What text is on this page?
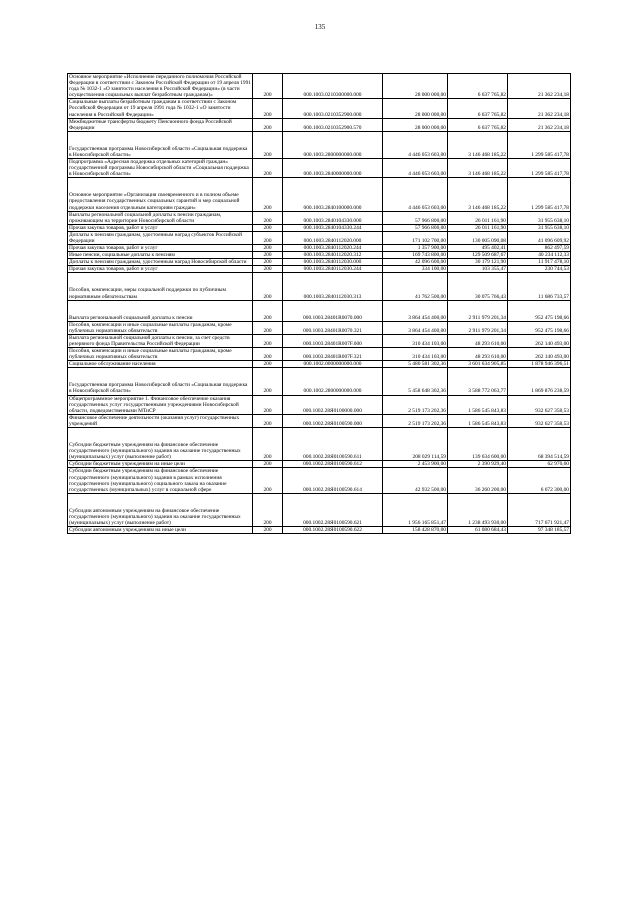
135
Основное мероприятие «Исполнение переданного полномочия Российской Федерации в соответствии с Законом Российской Федерации от 19 апреля 1991 года № 1032-1 «О занятости населения в Российской Федерации» (в части осуществления социальных выплат безработным гражданам)»	200	000.1003.0210300000.000	28 000 000,00	6 637 765,82	21 362 234,18
Социальные выплаты безработным гражданам в соответствии с Законом Российской Федерации от 19 апреля 1991 года № 1032-1 «О занятости населения в Российской Федерации»	200	000.1003.0210352900.000	28 000 000,00	6 637 765,82	21 362 234,18
Межбюджетные трансферты бюджету Пенсионного фонда Российской Федерации	200	000.1003.0210352900.570	28 000 000,00	6 637 765,82	21 362 234,18
Государственная программа Новосибирской области «Социальная поддержка в Новосибирской области»	200	000.1003.2800000000.000	4 446 053 603,00	3 146 468 185,22	1 299 585 417,78
Подпрограмма «Адресная поддержка отдельных категорий граждан» государственной программы Новосибирской области «Социальная поддержка в Новосибирской области»	200	000.1003.2840000000.000	4 446 053 603,00	3 146 468 185,22	1 299 585 417,78
Основное мероприятие «Организация своевременного и в полном объеме предоставления государственных социальных гарантий и мер социальной поддержки населения отдельным категориям граждан»	200	000.1003.2840100000.000	4 446 053 603,00	3 146 468 185,22	1 299 585 417,78
Выплаты региональной социальной доплаты к пенсии гражданам, проживающим на территории Новосибирской области	200	000.1003.2840104330.000	57 966 800,00	26 011 161,90	31 955 638,10
Прочая закупка товаров, работ и услуг	200	000.1003.2840104330.244	57 966 800,00	26 011 161,90	31 955 638,10
Доплаты к пенсиям гражданам, удостоенным наград субъектов Российской Федерации	200	000.1003.2840112020.000	171 102 700,00	130 005 090,08	41 096 609,92
Прочая закупка товаров, работ и услуг	200	000.1003.2840112020.244	1 357 900,00	495 402,41	862 497,59
Иные пенсии, социальные доплаты к пенсиям	200	000.1003.2840112020.312	169 743 800,00	129 509 687,67	40 234 112,33
Доплаты к пенсиям гражданам, удостоенным наград Новосибирской области	200	000.1003.2840112030.000	42 096 600,00	30 179 121,90	11 917 478,10
Прочая закупка товаров, работ и услуг	200	000.1003.2840112030.244	334 100,00	103 355,47	230 744,53
Пособия, компенсации, меры социальной поддержки по публичным нормативным обязательствам	200	000.1003.2840112030.313	41 762 500,00	30 075 766,43	11 686 733,57
Выплата региональной социальной доплаты к пенсии	200	000.1003.28401R0070.000	3 864 454 400,00	2 911 979 201,34	952 475 198,66
Пособия, компенсации и иные социальные выплаты гражданам, кроме публичных нормативных обязательств	200	000.1003.28401R0070.321	3 864 454 400,00	2 911 979 201,34	952 475 198,66
Выплата региональной социальной доплаты к пенсии, за счет средств резервного фонда Правительства Российской Федерации	200	000.1003.28401R007F.000	310 434 103,00	48 293 610,00	262 140 493,00
Пособия, компенсации и иные социальные выплаты гражданам, кроме публичных нормативных обязательств	200	000.1003.28401R007F.321	310 434 103,00	48 293 610,00	262 140 493,00
Социальное обслуживание населения	200	000.1002.0000000000.000	5 480 581 302,36	3 601 634 905,85	1 878 946 396,51
Государственная программа Новосибирской области «Социальная поддержка в Новосибирской области»	200	000.1002.2800000000.000	5 458 648 302,36	3 588 772 063,77	1 869 876 238,59
Общепрограммное мероприятие 1. Финансовое обеспечение оказания государственных услуг государственными учреждениями Новосибирской области, подведомственными МТиСР	200	000.1002.28Я0100000.000	2 519 173 202,36	1 586 545 843,83	932 627 358,53
Финансовое обеспечение деятельности (оказания услуг) государственных учреждений	200	000.1002.28Я0100590.000	2 519 173 202,36	1 586 545 843,83	932 627 358,53
Субсидии бюджетным учреждениям на финансовое обеспечение государственного (муниципального) задания на оказание государственных (муниципальных) услуг (выполнение работ)	200	000.1002.28Я0100590.611	208 029 114,59	139 634 600,00	68 394 514,59
Субсидии бюджетным учреждениям на иные цели	200	000.1002.28Я0100590.612	2 453 900,00	2 390 929,40	62 970,60
Субсидии бюджетным учреждениям на финансовое обеспечение государственного (муниципального) задания в рамках исполнения государственного (муниципального) социального заказа на оказание государственных (муниципальных) услуг в социальной сфере	200	000.1002.28Я0100590.614	42 932 500,00	36 260 200,00	6 672 300,00
Субсидии автономным учреждениям на финансовое обеспечение государственного (муниципального) задания на оказание государственных (муниципальных) услуг (выполнение работ)	200	000.1002.28Я0100590.621	1 956 165 851,47	1 238 493 930,00	717 671 921,47
Субсидии автономным учреждениям на иные цели	200	000.1002.28Я0100590.622	158 428 870,00	61 080 684,43	97 348 185,57
